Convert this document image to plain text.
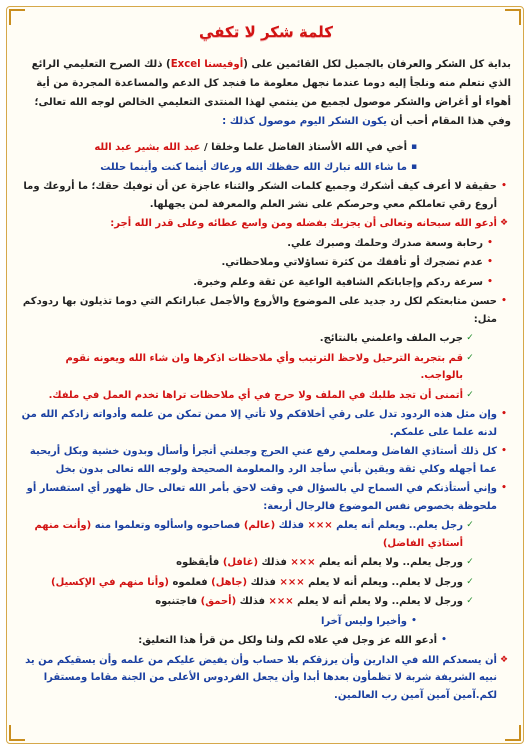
كلمة شكر لا تكفي

بداية كل الشكر والعرفان بالجميل لكل القائمين على (أوفيسنا Excel) ذلك الصرح التعليمي الرائع الذي نتعلم منه ونلجأ إليه دوما عندما نجهل معلومة ما فنجد كل الدعم والمساعدة المجردة من أية أهواء أو أغراض والشكر موصول لجميع من ينتمي لهذا المنتدى التعليمي الخالص لوجه الله تعالى؛ وفي هذا المقام أحب أن يكون الشكر اليوم موصول كذلك :

▪
أخي في الله الأستاذ الفاضل علما وخلقا / عبد الله بشير عبد الله
▪
ما شاء الله تبارك الله حفظك الله ورعاك أينما كنت وأينما حللت
•
حقيقة لا أعرف كيف أشكرك وجميع كلمات الشكر والثناء عاجزة عن أن توفيك حقك؛ ما أروعك وما أروع رقي تعاملكم معي وحرصكم على نشر العلم والمعرفة لمن يجهلها.
❖
أدعو الله سبحانه وتعالى أن يجزيك بفضله ومن واسع عطائه وعلى قدر الله أجر:
•
رحابة وسعة صدرك وحلمك وصبرك علي.
•
عدم تضجرك أو تأففك من كثرة تساؤلاتي وملاحظاتي.
•
سرعة ردكم وإجاباتكم الشافية الواعية عن ثقة وعلم وخبرة.
•
حسن متابعتكم لكل رد جديد على الموضوع والأروع والأجمل عباراتكم التي دوما تذيلون بها ردودكم مثل:
✓
جرب الملف واعلمني بالنتائج.
✓
قم بتجربة الترحيل ولاحظ الترتيب وأي ملاحظات اذكرها وان شاء الله ويعونه نقوم بالواجب.
✓
أتمنى أن تجد طلبك في الملف ولا حرج في أي ملاحظات تراها تخدم العمل في ملفك.
•
وإن مثل هذه الردود تدل على رقي أخلاقكم ولا تأتي إلا ممن تمكن من علمه وأدواته زادكم الله من لدنه علما على علمكم.
•
كل ذلك أستاذي الفاضل ومعلمي رفع عني الحرج وجعلني أتجرأ وأسأل وبدون خشية وبكل أريحية عما أجهله وكلي ثقة ويقين بأني سأجد الرد والمعلومة الصحيحة ولوجه الله تعالى بدون بخل
•
وإني أستأذنكم في السماح لي بالسؤال في وقت لاحق بأمر الله تعالى حال ظهور أي استفسار أو ملحوظة بخصوص نفس الموضوع فالرجال أربعة:
✓
رجل يعلم.. ويعلم أنه يعلم ××× فذلك (عالم) فصاحبوه واسألوه وتعلموا منه (وأنت منهم أستاذي الفاضل)
✓
ورجل يعلم.. ولا يعلم أنه يعلم ××× فذلك (غافل) فأيقظوه
✓
ورجل لا يعلم.. ويعلم أنه لا يعلم ××× فذلك (جاهل) فعلموه (وأنا منهم في الإكسيل)
✓
ورجل لا يعلم.. ولا يعلم أنه لا يعلم ××× فذلك (أحمق) فاجتنبوه
•
وأخيرا وليس آخرا
•
أدعو الله عز وجل في علاه لكم ولنا ولكل من قرأ هذا التعليق:
❖
أن يسعدكم الله في الدارين وأن يرزقكم بلا حساب وأن يفيض عليكم من علمه وأن يسقيكم من يد نبيه الشريفة شربة لا تظمأون بعدها أبدا وأن يجعل الفردوس الأعلى من الجنة مقاما ومستقرا لكم.آمين آمين آمين رب العالمين.
